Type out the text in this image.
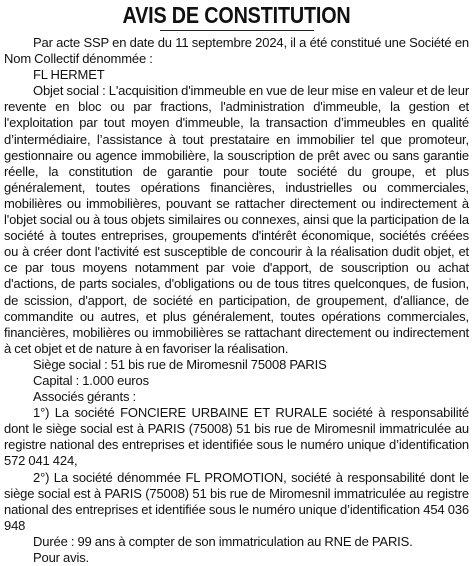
AVIS DE CONSTITUTION

Par acte SSP en date du 11 septembre 2024, il a été constitué une Société en Nom Collectif dénommée :

FL HERMET

Objet social : L'acquisition d'immeuble en vue de leur mise en valeur et de leur revente en bloc ou par fractions, l'administration d'immeuble, la gestion et l'exploitation par tout moyen d'immeuble, la transaction d’immeubles en qualité d’intermédiaire, l’assistance à tout prestataire en immobilier tel que promoteur, gestionnaire ou agence immobilière, la souscription de prêt avec ou sans garantie réelle, la constitution de garantie pour toute société du groupe, et plus généralement, toutes opérations financières, industrielles ou commerciales, mobilières ou immobilières, pouvant se rattacher directement ou indirectement à l'objet social ou à tous objets similaires ou connexes, ainsi que la participation de la société à toutes entreprises, groupements d'intérêt économique, sociétés créées ou à créer dont l'activité est susceptible de concourir à la réalisation dudit objet, et ce par tous moyens notamment par voie d'apport, de souscription ou achat d'actions, de parts sociales, d'obligations ou de tous titres quelconques, de fusion, de scission, d'apport, de société en participation, de groupement, d'alliance, de commandite ou autres, et plus généralement, toutes opérations commerciales, financières, mobilières ou immobilières se rattachant directement ou indirectement à cet objet et de nature à en favoriser la réalisation.

Siège social : 51 bis rue de Miromesnil 75008 PARIS

Capital : 1.000 euros

Associés gérants :

1°) La société FONCIERE URBAINE ET RURALE société à responsabilité dont le siège social est à PARIS (75008) 51 bis rue de Miromesnil immatriculée au registre national des entreprises et identifiée sous le numéro unique d’identification 572 041 424,

2°) La société dénommée FL PROMOTION, société à responsabilité dont le siège social est à PARIS (75008) 51 bis rue de Miromesnil immatriculée au registre national des entreprises et identifiée sous le numéro unique d’identification 454 036 948

Durée : 99 ans à compter de son immatriculation au RNE de PARIS.

Pour avis.
